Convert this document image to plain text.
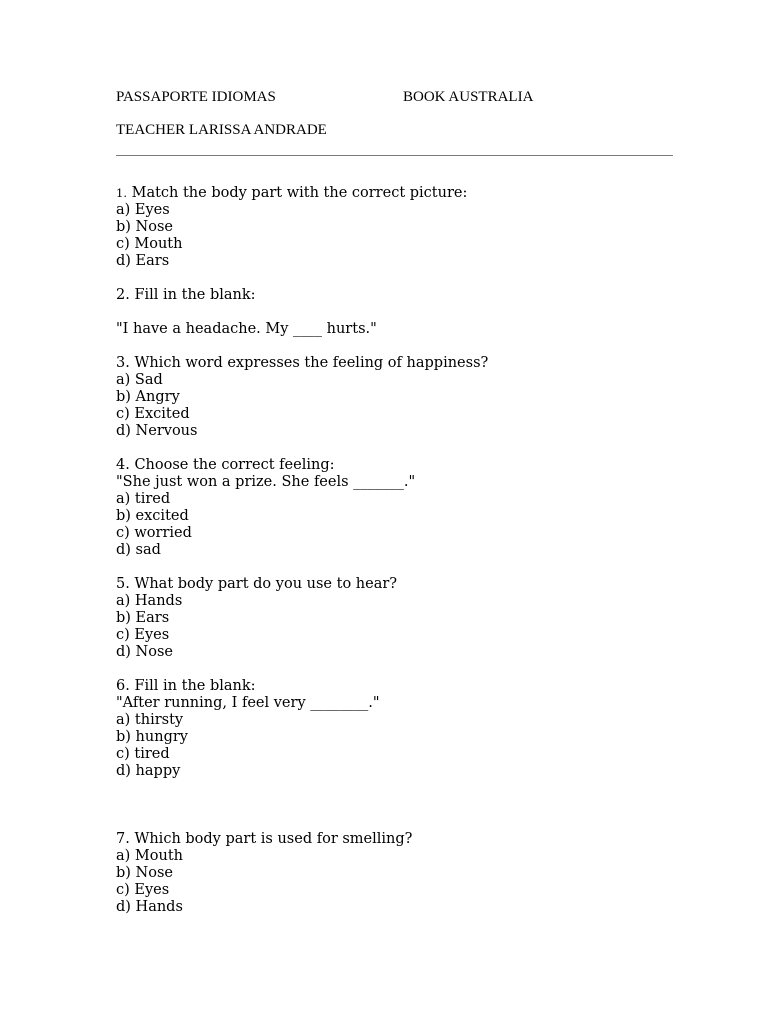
PASSAPORTE IDIOMAS	BOOK AUSTRALIA
TEACHER LARISSA ANDRADE
1. Match the body part with the correct picture:
a) Eyes
b) Nose
c) Mouth
d) Ears
2. Fill in the blank:
"I have a headache. My ____ hurts."
3. Which word expresses the feeling of happiness?
a) Sad
b) Angry
c) Excited
d) Nervous
4. Choose the correct feeling:
"She just won a prize. She feels _______."
a) tired
b) excited
c) worried
d) sad
5. What body part do you use to hear?
a) Hands
b) Ears
c) Eyes
d) Nose
6. Fill in the blank:
"After running, I feel very ________."
a) thirsty
b) hungry
c) tired
d) happy
7. Which body part is used for smelling?
a) Mouth
b) Nose
c) Eyes
d) Hands
